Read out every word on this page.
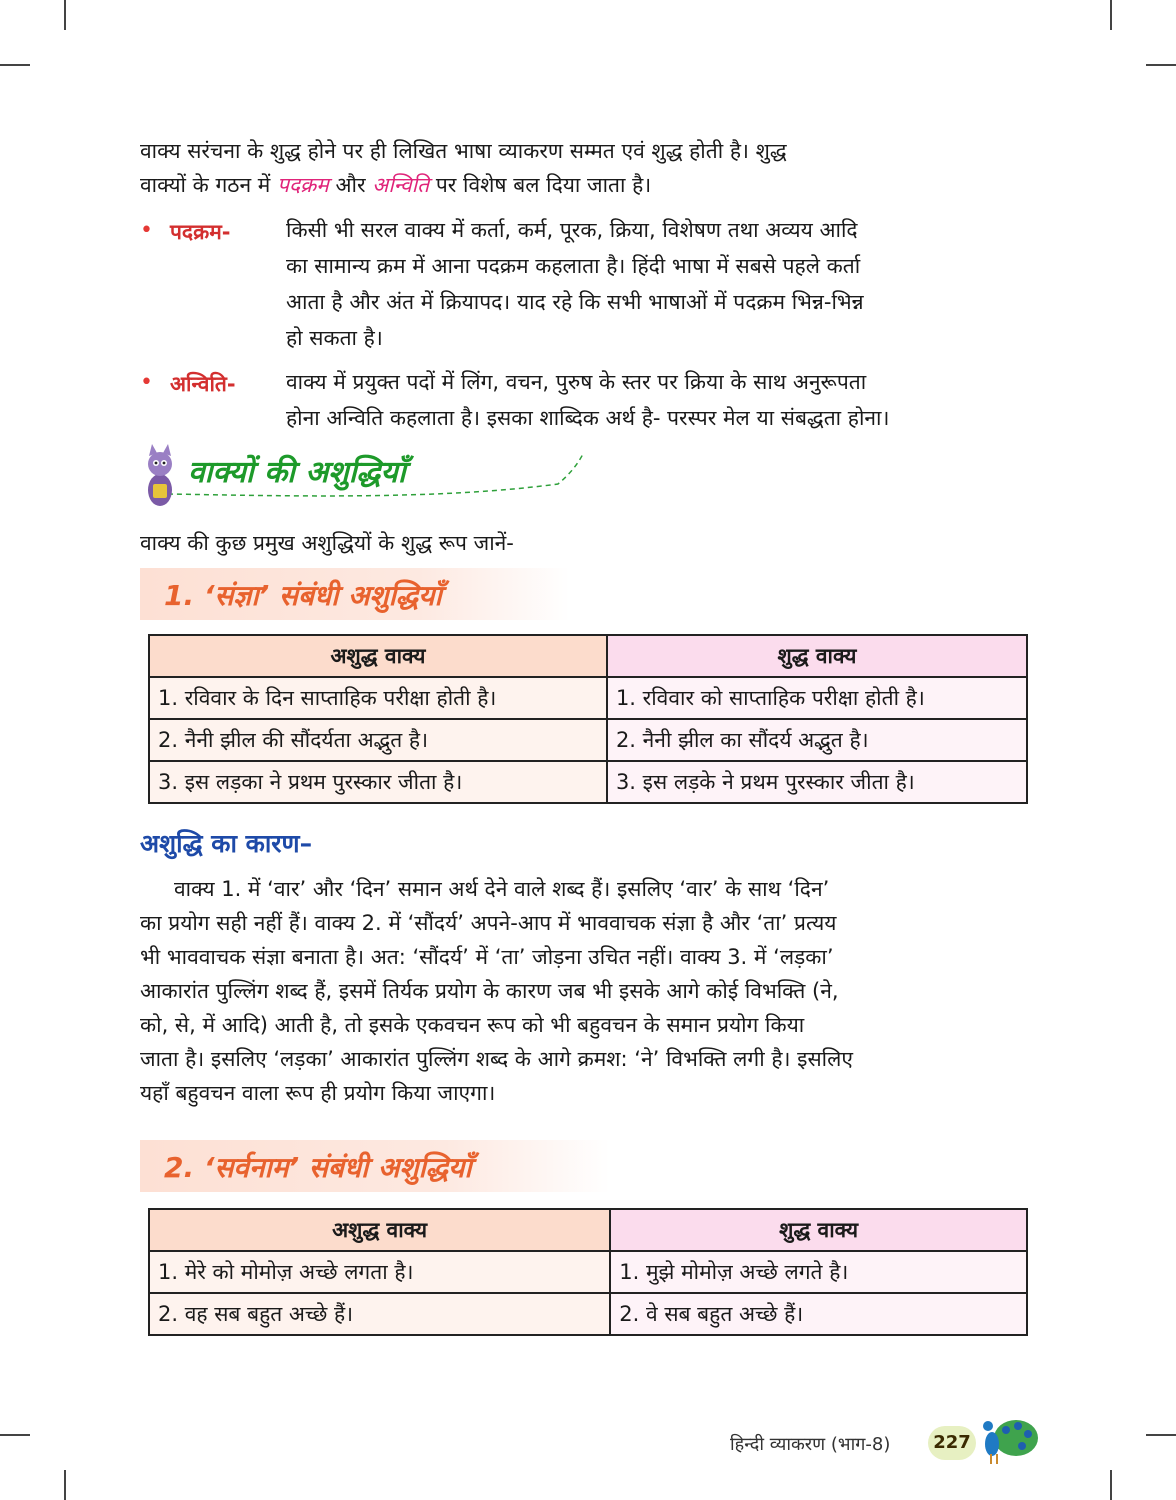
वाक्य सरंचना के शुद्ध होने पर ही लिखित भाषा व्याकरण सम्मत एवं शुद्ध होती है। शुद्ध
वाक्यों के गठन में पदक्रम और अन्विति पर विशेष बल दिया जाता है।
• पदक्रम-	किसी भी सरल वाक्य में कर्ता, कर्म, पूरक, क्रिया, विशेषण तथा अव्यय आदि
का सामान्य क्रम में आना पदक्रम कहलाता है। हिंदी भाषा में सबसे पहले कर्ता
आता है और अंत में क्रियापद। याद रहे कि सभी भाषाओं में पदक्रम भिन्न-भिन्न
हो सकता है।
• अन्विति- वाक्य में प्रयुक्त पदों में लिंग, वचन, पुरुष के स्तर पर क्रिया के साथ अनुरूपता
होना अन्विति कहलाता है। इसका शाब्दिक अर्थ है- परस्पर मेल या संबद्धता होना।
वाक्यों की अशुद्धियाँ
वाक्य की कुछ प्रमुख अशुद्धियों के शुद्ध रूप जानें-
1. ‘संज्ञा’ संबंधी अशुद्धियाँ
अशुद्ध वाक्य	शुद्ध वाक्य
1. रविवार के दिन साप्ताहिक परीक्षा होती है।	1. रविवार को साप्ताहिक परीक्षा होती है।
2. नैनी झील की सौंदर्यता अद्भुत है।	2. नैनी झील का सौंदर्य अद्भुत है।
3. इस लड़का ने प्रथम पुरस्कार जीता है।	3. इस लड़के ने प्रथम पुरस्कार जीता है।
अशुद्धि का कारण–
वाक्य 1. में ‘वार’ और ‘दिन’ समान अर्थ देने वाले शब्द हैं। इसलिए ‘वार’ के साथ ‘दिन’
का प्रयोग सही नहीं हैं। वाक्य 2. में ‘सौंदर्य’ अपने-आप में भाववाचक संज्ञा है और ‘ता’ प्रत्यय
भी भाववाचक संज्ञा बनाता है। अत: ‘सौंदर्य’ में ‘ता’ जोड़ना उचित नहीं। वाक्य 3. में ‘लड़का’
आकारांत पुल्लिंग शब्द हैं, इसमें तिर्यक प्रयोग के कारण जब भी इसके आगे कोई विभक्ति (ने,
को, से, में आदि) आती है, तो इसके एकवचन रूप को भी बहुवचन के समान प्रयोग किया
जाता है। इसलिए ‘लड़का’ आकारांत पुल्लिंग शब्द के आगे क्रमश: ‘ने’ विभक्ति लगी है। इसलिए
यहाँ बहुवचन वाला रूप ही प्रयोग किया जाएगा।
2. ‘सर्वनाम’ संबंधी अशुद्धियाँ
अशुद्ध वाक्य	शुद्ध वाक्य
1. मेरे को मोमोज़ अच्छे लगता है।	1. मुझे मोमोज़ अच्छे लगते है।
2. वह सब बहुत अच्छे हैं।	2. वे सब बहुत अच्छे हैं।
हिन्दी व्याकरण (भाग-8) 227
